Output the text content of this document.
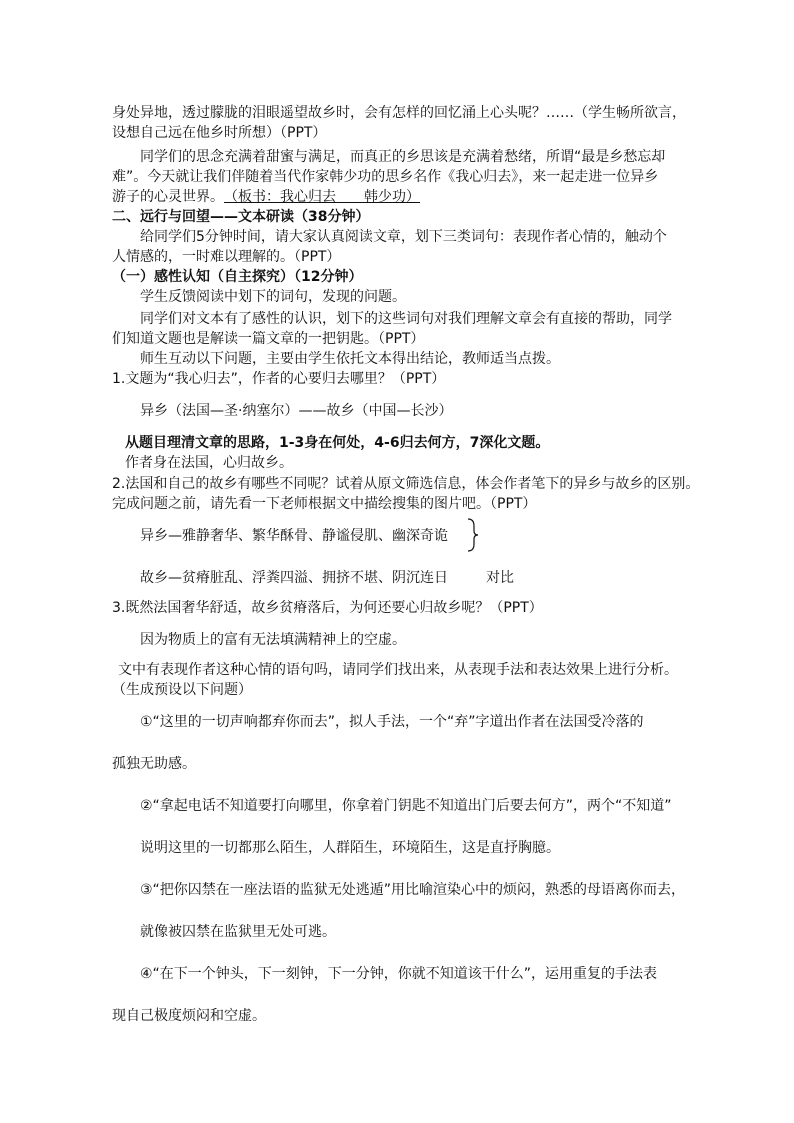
身处异地，透过朦胧的泪眼遥望故乡时，会有怎样的回忆涌上心头呢？……（学生畅所欲言，
设想自己远在他乡时所想）（PPT）
同学们的思念充满着甜蜜与满足，而真正的乡思该是充满着愁绪，所谓“最是乡愁忘却
难”。今天就让我们伴随着当代作家韩少功的思乡名作《我心归去》，来一起走进一位异乡
游子的心灵世界。 （板书：我心归去　　韩少功）
二、远行与回望——文本研读（38分钟）
给同学们5分钟时间，请大家认真阅读文章，划下三类词句：表现作者心情的，触动个
人情感的，一时难以理解的。（PPT）
（一）感性认知（自主探究）（12分钟）
学生反馈阅读中划下的词句，发现的问题。
同学们对文本有了感性的认识，划下的这些词句对我们理解文章会有直接的帮助，同学
们知道文题也是解读一篇文章的一把钥匙。（PPT）
师生互动以下问题，主要由学生依托文本得出结论，教师适当点拨。
1.文题为“我心归去”，作者的心要归去哪里？（PPT）
异乡（法国—圣·纳塞尔）——故乡（中国—长沙）
从题目理清文章的思路，1-3身在何处，4-6归去何方，7深化文题。
作者身在法国，心归故乡。
2.法国和自己的故乡有哪些不同呢？试着从原文筛选信息，体会作者笔下的异乡与故乡的区别。
完成问题之前，请先看一下老师根据文中描绘搜集的图片吧。（PPT）
异乡—雅静奢华、繁华酥骨、静谧侵肌、幽深奇诡
故乡—贫瘠脏乱、浮粪四溢、拥挤不堪、阴沉连日	对比
3.既然法国奢华舒适，故乡贫瘠落后，为何还要心归故乡呢？（PPT）
因为物质上的富有无法填满精神上的空虚。
文中有表现作者这种心情的语句吗，请同学们找出来，从表现手法和表达效果上进行分析。
（生成预设以下问题）
①“这里的一切声响都弃你而去”，拟人手法，一个“弃”字道出作者在法国受冷落的
孤独无助感。
②“拿起电话不知道要打向哪里，你拿着门钥匙不知道出门后要去何方”，两个“不知道”
说明这里的一切都那么陌生，人群陌生，环境陌生，这是直抒胸臆。
③“把你囚禁在一座法语的监狱无处逃遁”用比喻渲染心中的烦闷，熟悉的母语离你而去，
就像被囚禁在监狱里无处可逃。
④“在下一个钟头，下一刻钟，下一分钟，你就不知道该干什么”，运用重复的手法表
现自己极度烦闷和空虚。
